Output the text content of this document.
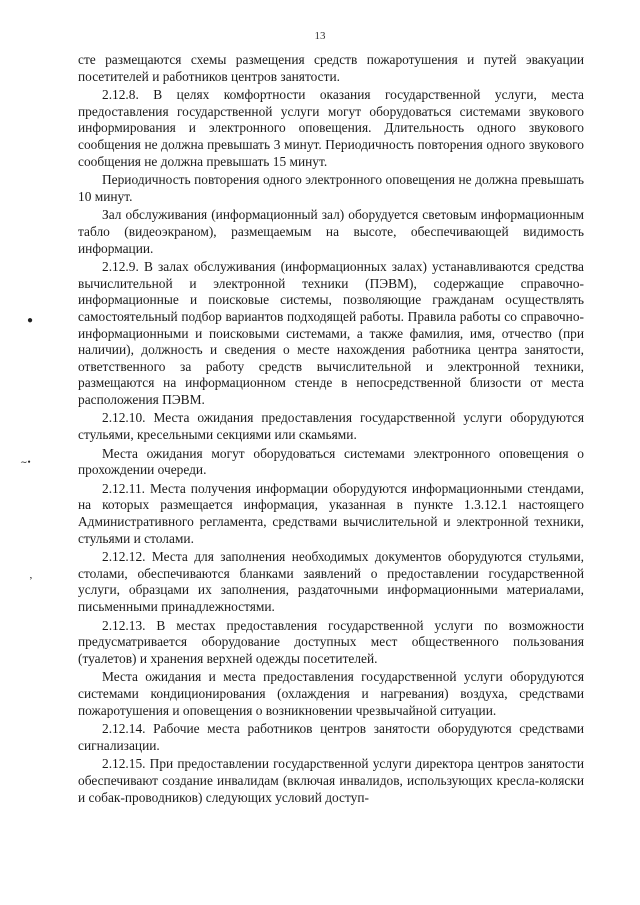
13

сте размещаются схемы размещения средств пожаротушения и путей эвакуации посетителей и работников центров занятости.

2.12.8. В целях комфортности оказания государственной услуги, места предоставления государственной услуги могут оборудоваться системами звукового информирования и электронного оповещения. Длительность одного звукового сообщения не должна превышать 3 минут. Периодичность повторения одного звукового сообщения не должна превышать 15 минут.

Периодичность повторения одного электронного оповещения не должна превышать 10 минут.

Зал обслуживания (информационный зал) оборудуется световым информационным табло (видеоэкраном), размещаемым на высоте, обеспечивающей видимость информации.

2.12.9. В залах обслуживания (информационных залах) устанавливаются средства вычислительной и электронной техники (ПЭВМ), содержащие справочно-информационные и поисковые системы, позволяющие гражданам осуществлять самостоятельный подбор вариантов подходящей работы. Правила работы со справочно-информационными и поисковыми системами, а также фамилия, имя, отчество (при наличии), должность и сведения о месте нахождения работника центра занятости, ответственного за работу средств вычислительной и электронной техники, размещаются на информационном стенде в непосредственной близости от места расположения ПЭВМ.

2.12.10. Места ожидания предоставления государственной услуги оборудуются стульями, кресельными секциями или скамьями.

Места ожидания могут оборудоваться системами электронного оповещения о прохождении очереди.

2.12.11. Места получения информации оборудуются информационными стендами, на которых размещается информация, указанная в пункте 1.3.12.1 настоящего Административного регламента, средствами вычислительной и электронной техники, стульями и столами.

2.12.12. Места для заполнения необходимых документов оборудуются стульями, столами, обеспечиваются бланками заявлений о предоставлении государственной услуги, образцами их заполнения, раздаточными информационными материалами, письменными принадлежностями.

2.12.13. В местах предоставления государственной услуги по возможности предусматривается оборудование доступных мест общественного пользования (туалетов) и хранения верхней одежды посетителей.

Места ожидания и места предоставления государственной услуги оборудуются системами кондиционирования (охлаждения и нагревания) воздуха, средствами пожаротушения и оповещения о возникновении чрезвычайной ситуации.

2.12.14. Рабочие места работников центров занятости оборудуются средствами сигнализации.

2.12.15. При предоставлении государственной услуги директора центров занятости обеспечивают создание инвалидам (включая инвалидов, использующих кресла-коляски и собак-проводников) следующих условий доступ-

●
∼•
’
